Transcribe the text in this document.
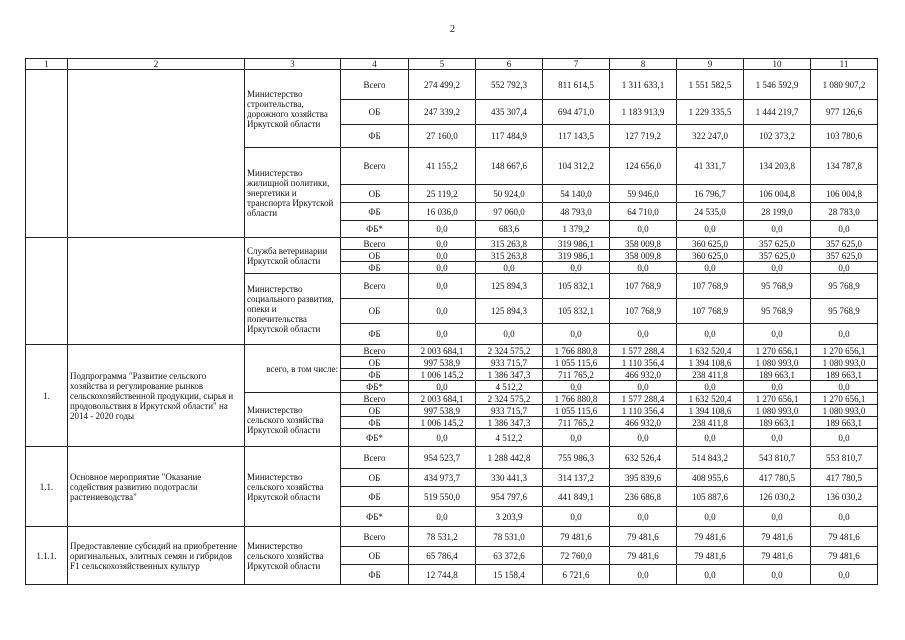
2
1	2	3	4	5	6	7	8	9	10	11
		Министерство строительства, дорожного хозяйства Иркутской области	Всего	274 499,2	552 792,3	811 614,5	1 311 633,1	1 551 582,5	1 546 592,9	1 080 907,2
			ОБ	247 339,2	435 307,4	694 471,0	1 183 913,9	1 229 335,5	1 444 219,7	977 126,6
			ФБ	27 160,0	117 484,9	117 143,5	127 719,2	322 247,0	102 373,2	103 780,6
		Министерство жилищной политики, энергетики и транспорта Иркутской области	Всего	41 155,2	148 667,6	104 312,2	124 656,0	41 331,7	134 203,8	134 787,8
			ОБ	25 119,2	50 924,0	54 140,0	59 946,0	16 796,7	106 004,8	106 004,8
			ФБ	16 036,0	97 060,0	48 793,0	64 710,0	24 535,0	28 199,0	28 783,0
			ФБ*	0,0	683,6	1 379,2	0,0	0,0	0,0	0,0
		Служба ветеринарии Иркутской области	Всего	0,0	315 263,8	319 986,1	358 009,8	360 625,0	357 625,0	357 625,0
			ОБ	0,0	315 263,8	319 986,1	358 009,8	360 625,0	357 625,0	357 625,0
			ФБ	0,0	0,0	0,0	0,0	0,0	0,0	0,0
		Министерство социального развития, опеки и попечительства Иркутской области	Всего	0,0	125 894,3	105 832,1	107 768,9	107 768,9	95 768,9	95 768,9
			ОБ	0,0	125 894,3	105 832,1	107 768,9	107 768,9	95 768,9	95 768,9
			ФБ	0,0	0,0	0,0	0,0	0,0	0,0	0,0
1.	Подпрограмма "Развитие сельского хозяйства и регулирование рынков сельскохозяйственной продукции, сырья и продовольствия в Иркутской области" на 2014 - 2020 годы	всего, в том числе:	Всего	2 003 684,1	2 324 575,2	1 766 880,8	1 577 288,4	1 632 520,4	1 270 656,1	1 270 656,1
			ОБ	997 538,9	933 715,7	1 055 115,6	1 110 356,4	1 394 108,6	1 080 993,0	1 080 993,0
			ФБ	1 006 145,2	1 386 347,3	711 765,2	466 932,0	238 411,8	189 663,1	189 663,1
			ФБ*	0,0	4 512,2	0,0	0,0	0,0	0,0	0,0
		Министерство сельского хозяйства Иркутской области	Всего	2 003 684,1	2 324 575,2	1 766 880,8	1 577 288,4	1 632 520,4	1 270 656,1	1 270 656,1
			ОБ	997 538,9	933 715,7	1 055 115,6	1 110 356,4	1 394 108,6	1 080 993,0	1 080 993,0
			ФБ	1 006 145,2	1 386 347,3	711 765,2	466 932,0	238 411,8	189 663,1	189 663,1
			ФБ*	0,0	4 512,2	0,0	0,0	0,0	0,0	0,0
1.1.	Основное мероприятие "Оказание содействия развитию подотрасли растениеводства"	Министерство сельского хозяйства Иркутской области	Всего	954 523,7	1 288 442,8	755 986,3	632 526,4	514 843,2	543 810,7	553 810,7
			ОБ	434 973,7	330 441,3	314 137,2	395 839,6	408 955,6	417 780,5	417 780,5
			ФБ	519 550,0	954 797,6	441 849,1	236 686,8	105 887,6	126 030,2	136 030,2
			ФБ*	0,0	3 203,9	0,0	0,0	0,0	0,0	0,0
1.1.1.	Предоставление субсидий на приобретение оригинальных, элитных семян и гибридов F1 сельскохозяйственных культур	Министерство сельского хозяйства Иркутской области	Всего	78 531,2	78 531,0	79 481,6	79 481,6	79 481,6	79 481,6	79 481,6
			ОБ	65 786,4	63 372,6	72 760,0	79 481,6	79 481,6	79 481,6	79 481,6
			ФБ	12 744,8	15 158,4	6 721,6	0,0	0,0	0,0	0,0
